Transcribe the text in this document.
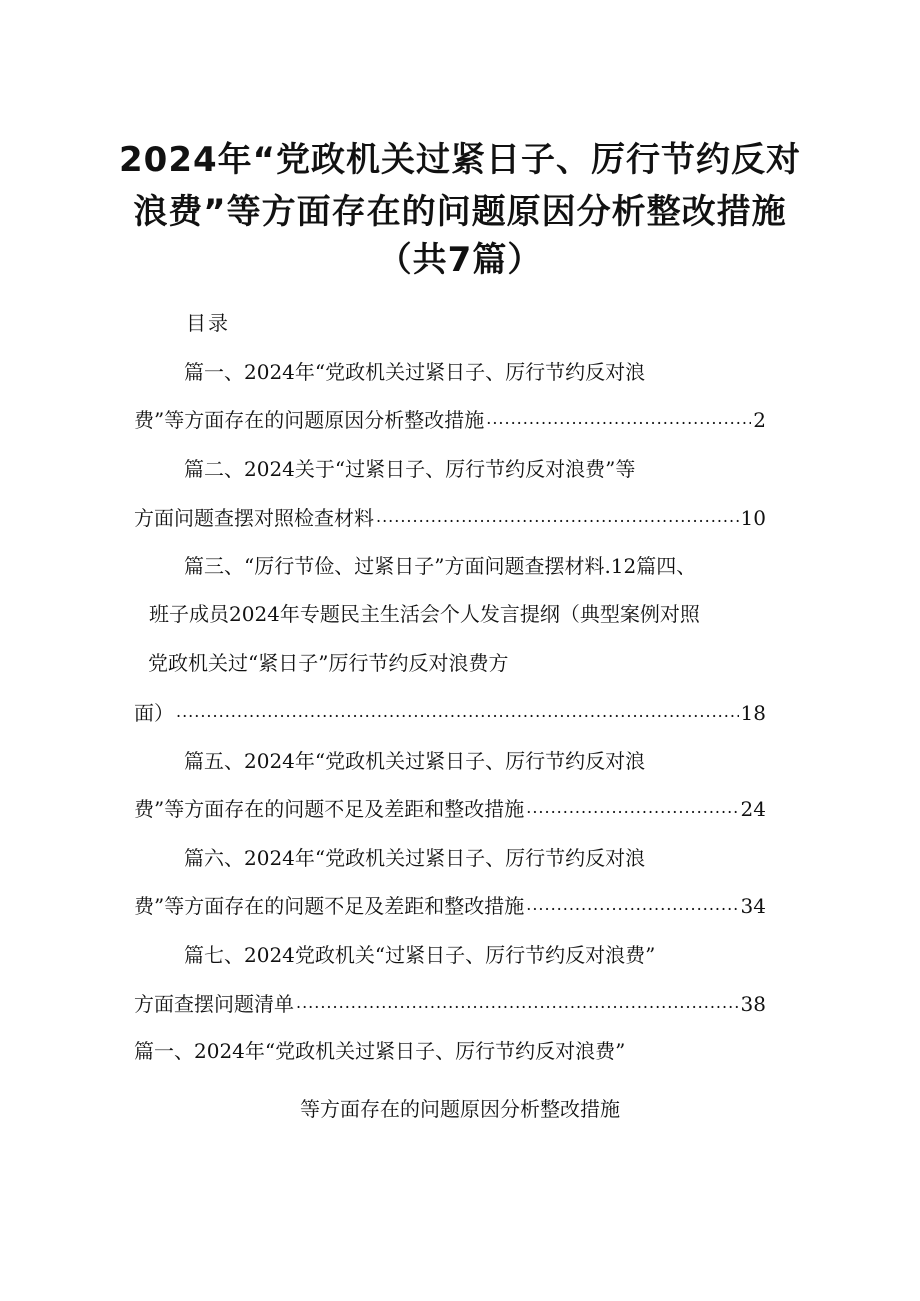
2024年“党政机关过紧日子、厉行节约反对
浪费”等方面存在的问题原因分析整改措施
（共7篇）
目录
篇一、2024年“党政机关过紧日子、厉行节约反对浪
费”等方面存在的问题原因分析整改措施 .....	2
篇二、2024关于“过紧日子、厉行节约反对浪费”等
方面问题查摆对照检查材料 .....	10
篇三、“厉行节俭、过紧日子”方面问题查摆材料.12篇四、
班子成员2024年专题民主生活会个人发言提纲（典型案例对照
党政机关过“紧日子”厉行节约反对浪费方
面） .....	18
篇五、2024年“党政机关过紧日子、厉行节约反对浪
费”等方面存在的问题不足及差距和整改措施 .....	24
篇六、2024年“党政机关过紧日子、厉行节约反对浪
费”等方面存在的问题不足及差距和整改措施 .....	34
篇七、2024党政机关“过紧日子、厉行节约反对浪费”
方面查摆问题清单 .....	38
篇一、2024年“党政机关过紧日子、厉行节约反对浪费”
等方面存在的问题原因分析整改措施
